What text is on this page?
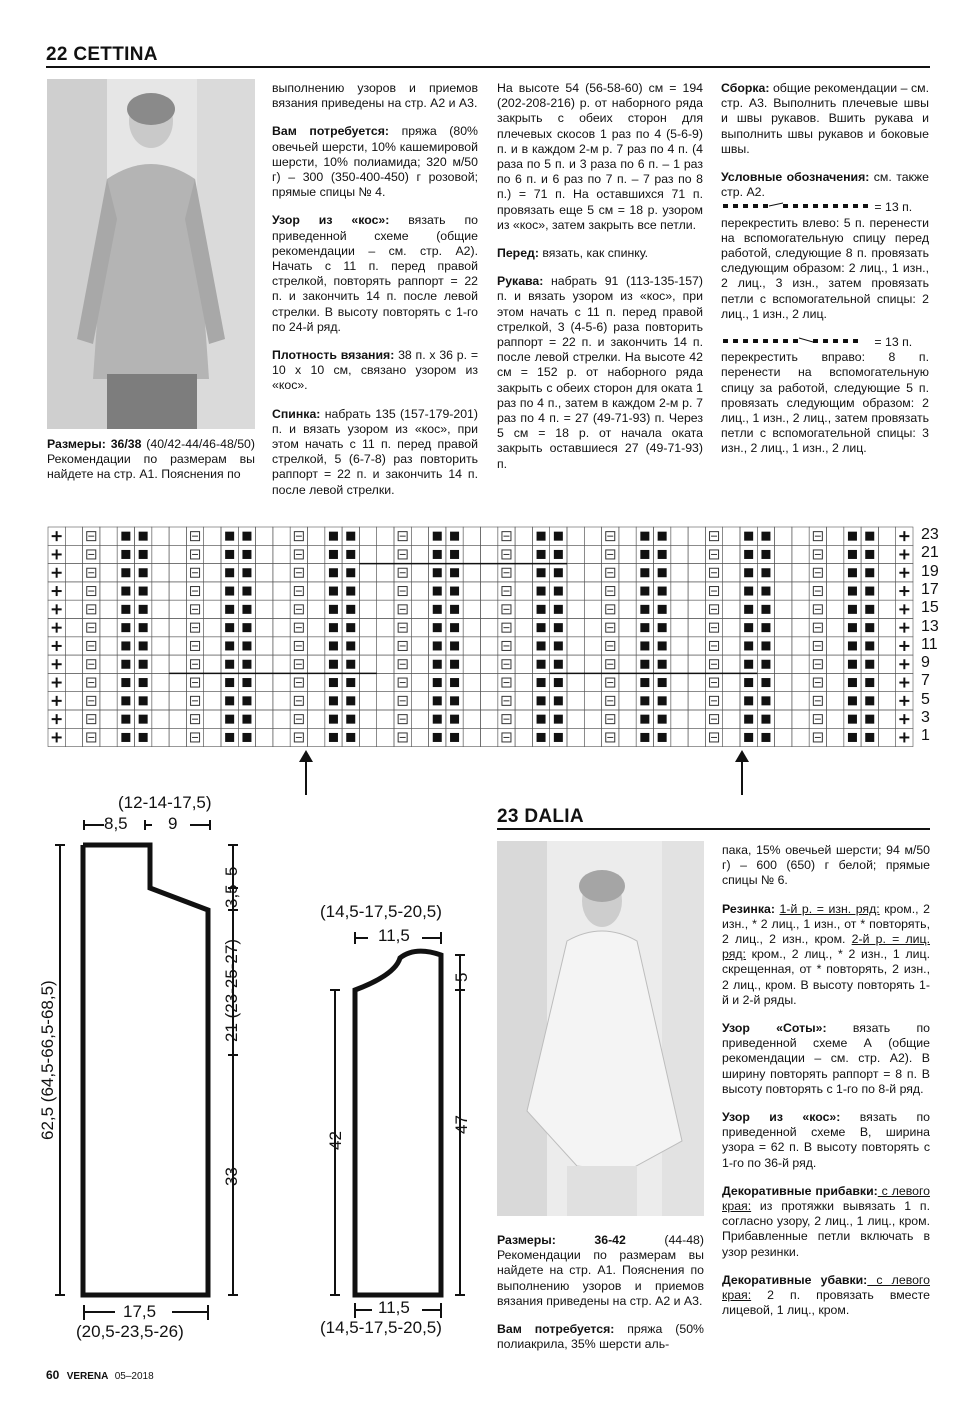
22 CETTINA
Размеры: 36/38 (40/42-44/46-48/50) Рекомендации по размерам вы найдете на стр. А1. Пояснения по

выполнению узоров и приемов вязания приведены на стр. А2 и А3.

Вам потребуется: пряжа (80% овечьей шерсти, 10% кашемировой шерсти, 10% полиамида; 320 м/50 г) – 300 (350-400-450) г розовой; прямые спицы № 4.

Узор из «кос»: вязать по приведенной схеме (общие рекомендации – см. стр. А2). Начать с 11 п. перед правой стрелкой, повторять раппорт = 22 п. и закончить 14 п. после левой стрелки. В высоту повторять с 1-го по 24-й ряд.

Плотность вязания: 38 п. х 36 р. = 10 х 10 см, связано узором из «кос».

Спинка: набрать 135 (157-179-201) п. и вязать узором из «кос», при этом начать с 11 п. перед правой стрелкой, 5 (6-7-8) раз повторить раппорт = 22 п. и закончить 14 п. после левой стрелки.

На высоте 54 (56-58-60) см = 194 (202-208-216) р. от наборного ряда закрыть с обеих сторон для плечевых скосов 1 раз по 4 (5-6-9) п. и в каждом 2-м р. 7 раз по 4 п. (4 раза по 5 п. и 3 раза по 6 п. – 1 раз по 6 п. и 6 раз по 7 п. – 7 раз по 8 п.) = 71 п. На оставшихся 71 п. провязать еще 5 см = 18 р. узором из «кос», затем закрыть все петли.

Перед: вязать, как спинку.

Рукава: набрать 91 (113-135-157) п. и вязать узором из «кос», при этом начать с 11 п. перед правой стрелкой, 3 (4-5-6) раза повторить раппорт = 22 п. и закончить 14 п. после левой стрелки. На высоте 42 см = 152 р. от наборного ряда закрыть с обеих сторон для оката 1 раз по 4 п., затем в каждом 2-м р. 7 раз по 4 п. = 27 (49-71-93) п. Через 5 см = 18 р. от начала оката закрыть оставшиеся 27 (49-71-93) п.

Сборка: общие рекомендации – см. стр. А3. Выполнить плечевые швы и швы рукавов. Вшить рукава и выполнить швы рукавов и боковые швы.

Условные обозначения: см. также стр. А2.

= 13 п.

перекрестить влево: 5 п. перенести на вспомогательную спицу перед работой, следующие 8 п. провязать следующим образом: 2 лиц., 1 изн., 2 лиц., 3 изн., затем провязать петли с вспомогательной спицы: 2 лиц., 1 изн., 2 лиц.

= 13 п.

перекрестить вправо: 8 п. перенести на вспомогательную спицу за работой, следующие 5 п. провязать следующим образом: 2 лиц., 1 изн., 2 лиц., затем провязать петли с вспомогательной спицы: 3 изн., 2 лиц., 1 изн., 2 лиц.

23
21
19
17
15
13
11
9
7
5
3
1
(12-14-17,5)
8,5 9
62,5 (64,5-66,5-68,5)
3,5
5
21 (23-25-27)
33
17,5
(20,5-23,5-26)
(14,5-17,5-20,5)
11,5
5
42
47
11,5
(14,5-17,5-20,5)
23 DALIA

Размеры: 36-42 (44-48) Рекомендации по размерам вы найдете на стр. А1. Пояснения по выполнению узоров и приемов вязания приведены на стр. А2 и А3.

Вам потребуется: пряжа (50% полиакрила, 35% шерсти аль-

пака, 15% овечьей шерсти; 94 м/50 г) – 600 (650) г белой; прямые спицы № 6.

Резинка: 1-й р. = изн. ряд: кром., 2 изн., * 2 лиц., 1 изн., от * повторять, 2 лиц., 2 изн., кром. 2-й р. = лиц. ряд: кром., 2 лиц., * 2 изн., 1 лиц. скрещенная, от * повторять, 2 изн., 2 лиц., кром. В высоту повторять 1-й и 2-й ряды.

Узор «Соты»: вязать по приведенной схеме А (общие рекомендации – см. стр. А2). В ширину повторять раппорт = 8 п. В высоту повторять с 1-го по 8-й ряд.

Узор из «кос»: вязать по приведенной схеме В, ширина узора = 62 п. В высоту повторять с 1-го по 36-й ряд.

Декоративные прибавки: с левого края: из протяжки вывязать 1 п. согласно узору, 2 лиц., 1 лиц., кром. Прибавленные петли включать в узор резинки.

Декоративные убавки: с левого края: 2 п. провязать вместе лицевой, 1 лиц., кром.

60 VERENA 05–2018
